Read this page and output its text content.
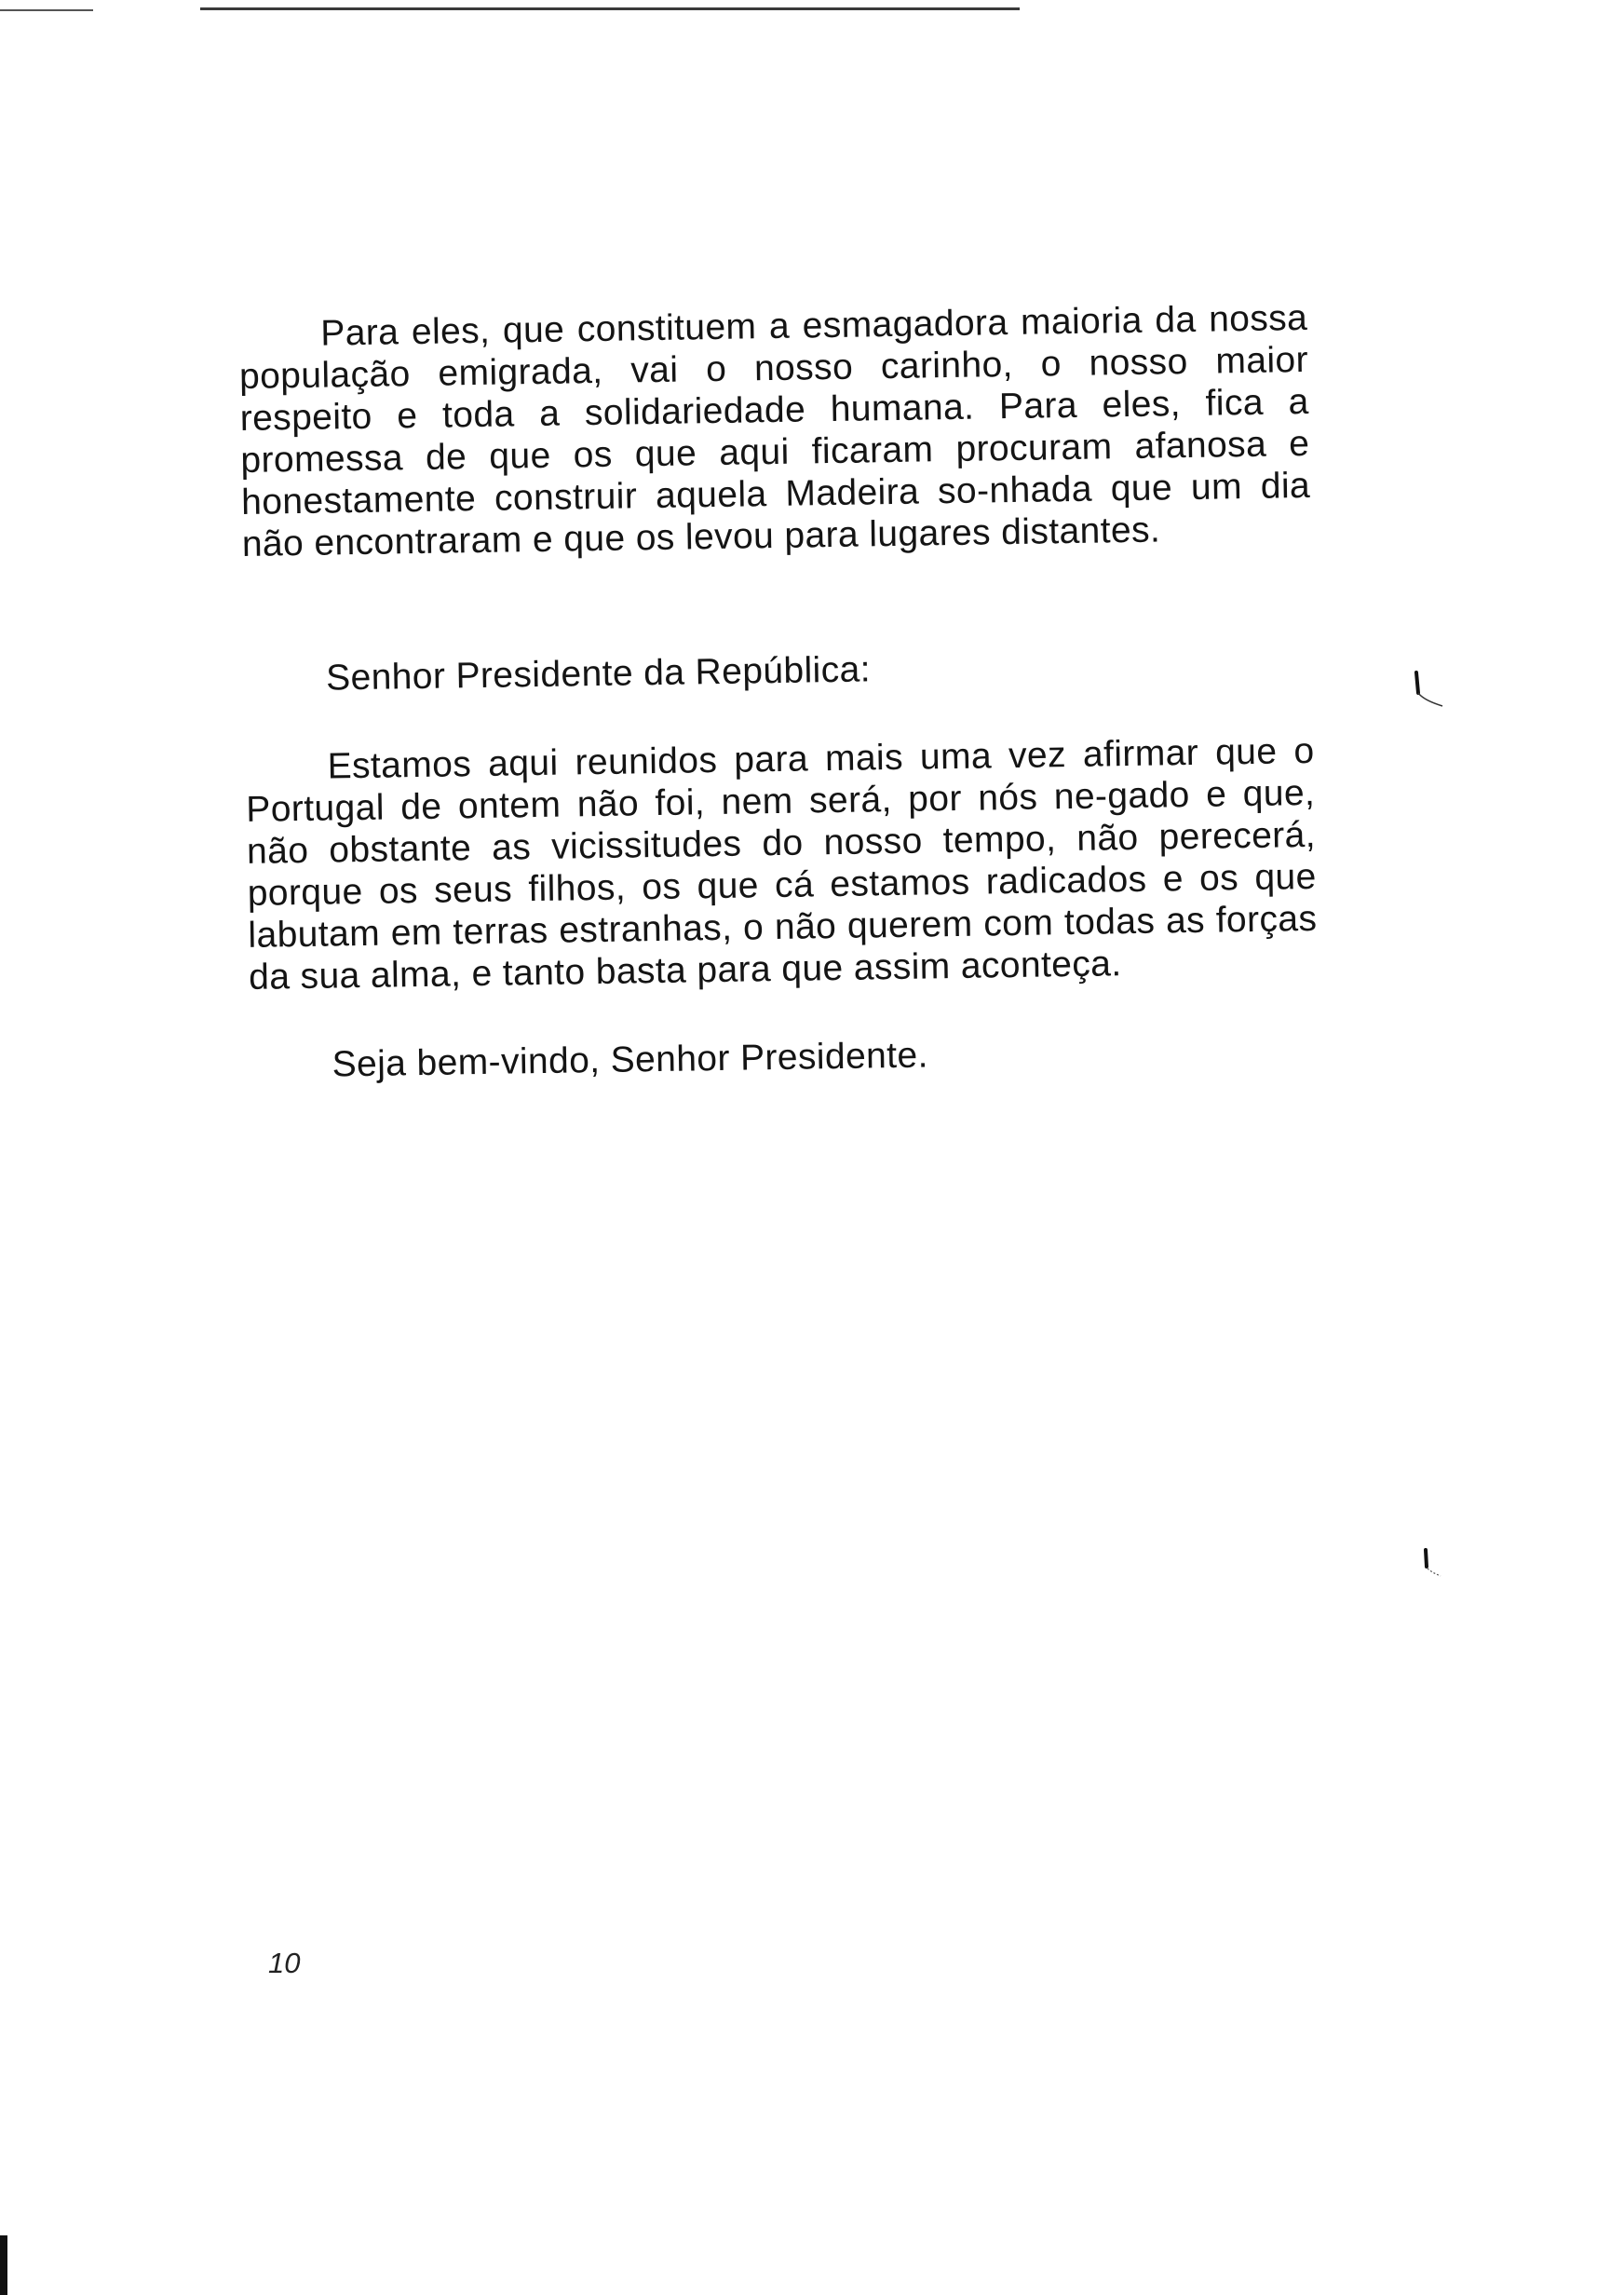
Para eles, que constituem a esmagadora maioria da nossa população emigrada, vai o nosso carinho, o nosso maior respeito e toda a solidariedade humana. Para eles, fica a promessa de que os que aqui ficaram procuram afanosa e honestamente construir aquela Madeira so-nhada que um dia não encontraram e que os levou para lugares distantes.

Senhor Presidente da República:

Estamos aqui reunidos para mais uma vez afirmar que o Portugal de ontem não foi, nem será, por nós ne-gado e que, não obstante as vicissitudes do nosso tempo, não perecerá, porque os seus filhos, os que cá estamos radicados e os que labutam em terras estranhas, o não querem com todas as forças da sua alma, e tanto basta para que assim aconteça.

Seja bem-vindo, Senhor Presidente.

10
